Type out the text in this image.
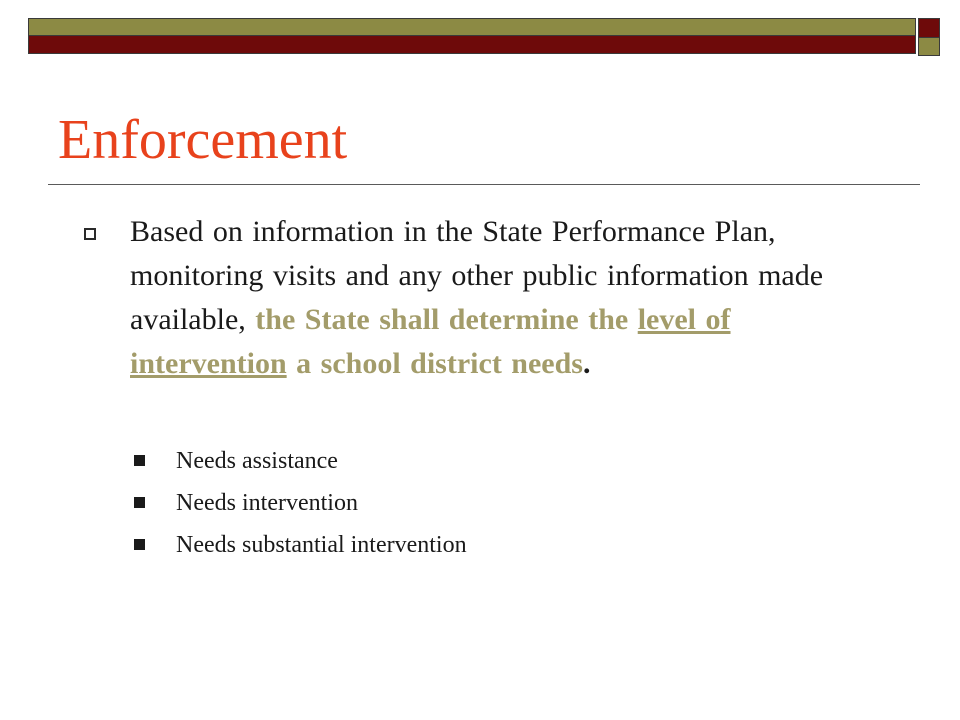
Enforcement

Based on information in the State Performance Plan, monitoring visits and any other public information made available, the State shall determine the level of intervention a school district needs.

Needs assistance
Needs intervention
Needs substantial intervention
